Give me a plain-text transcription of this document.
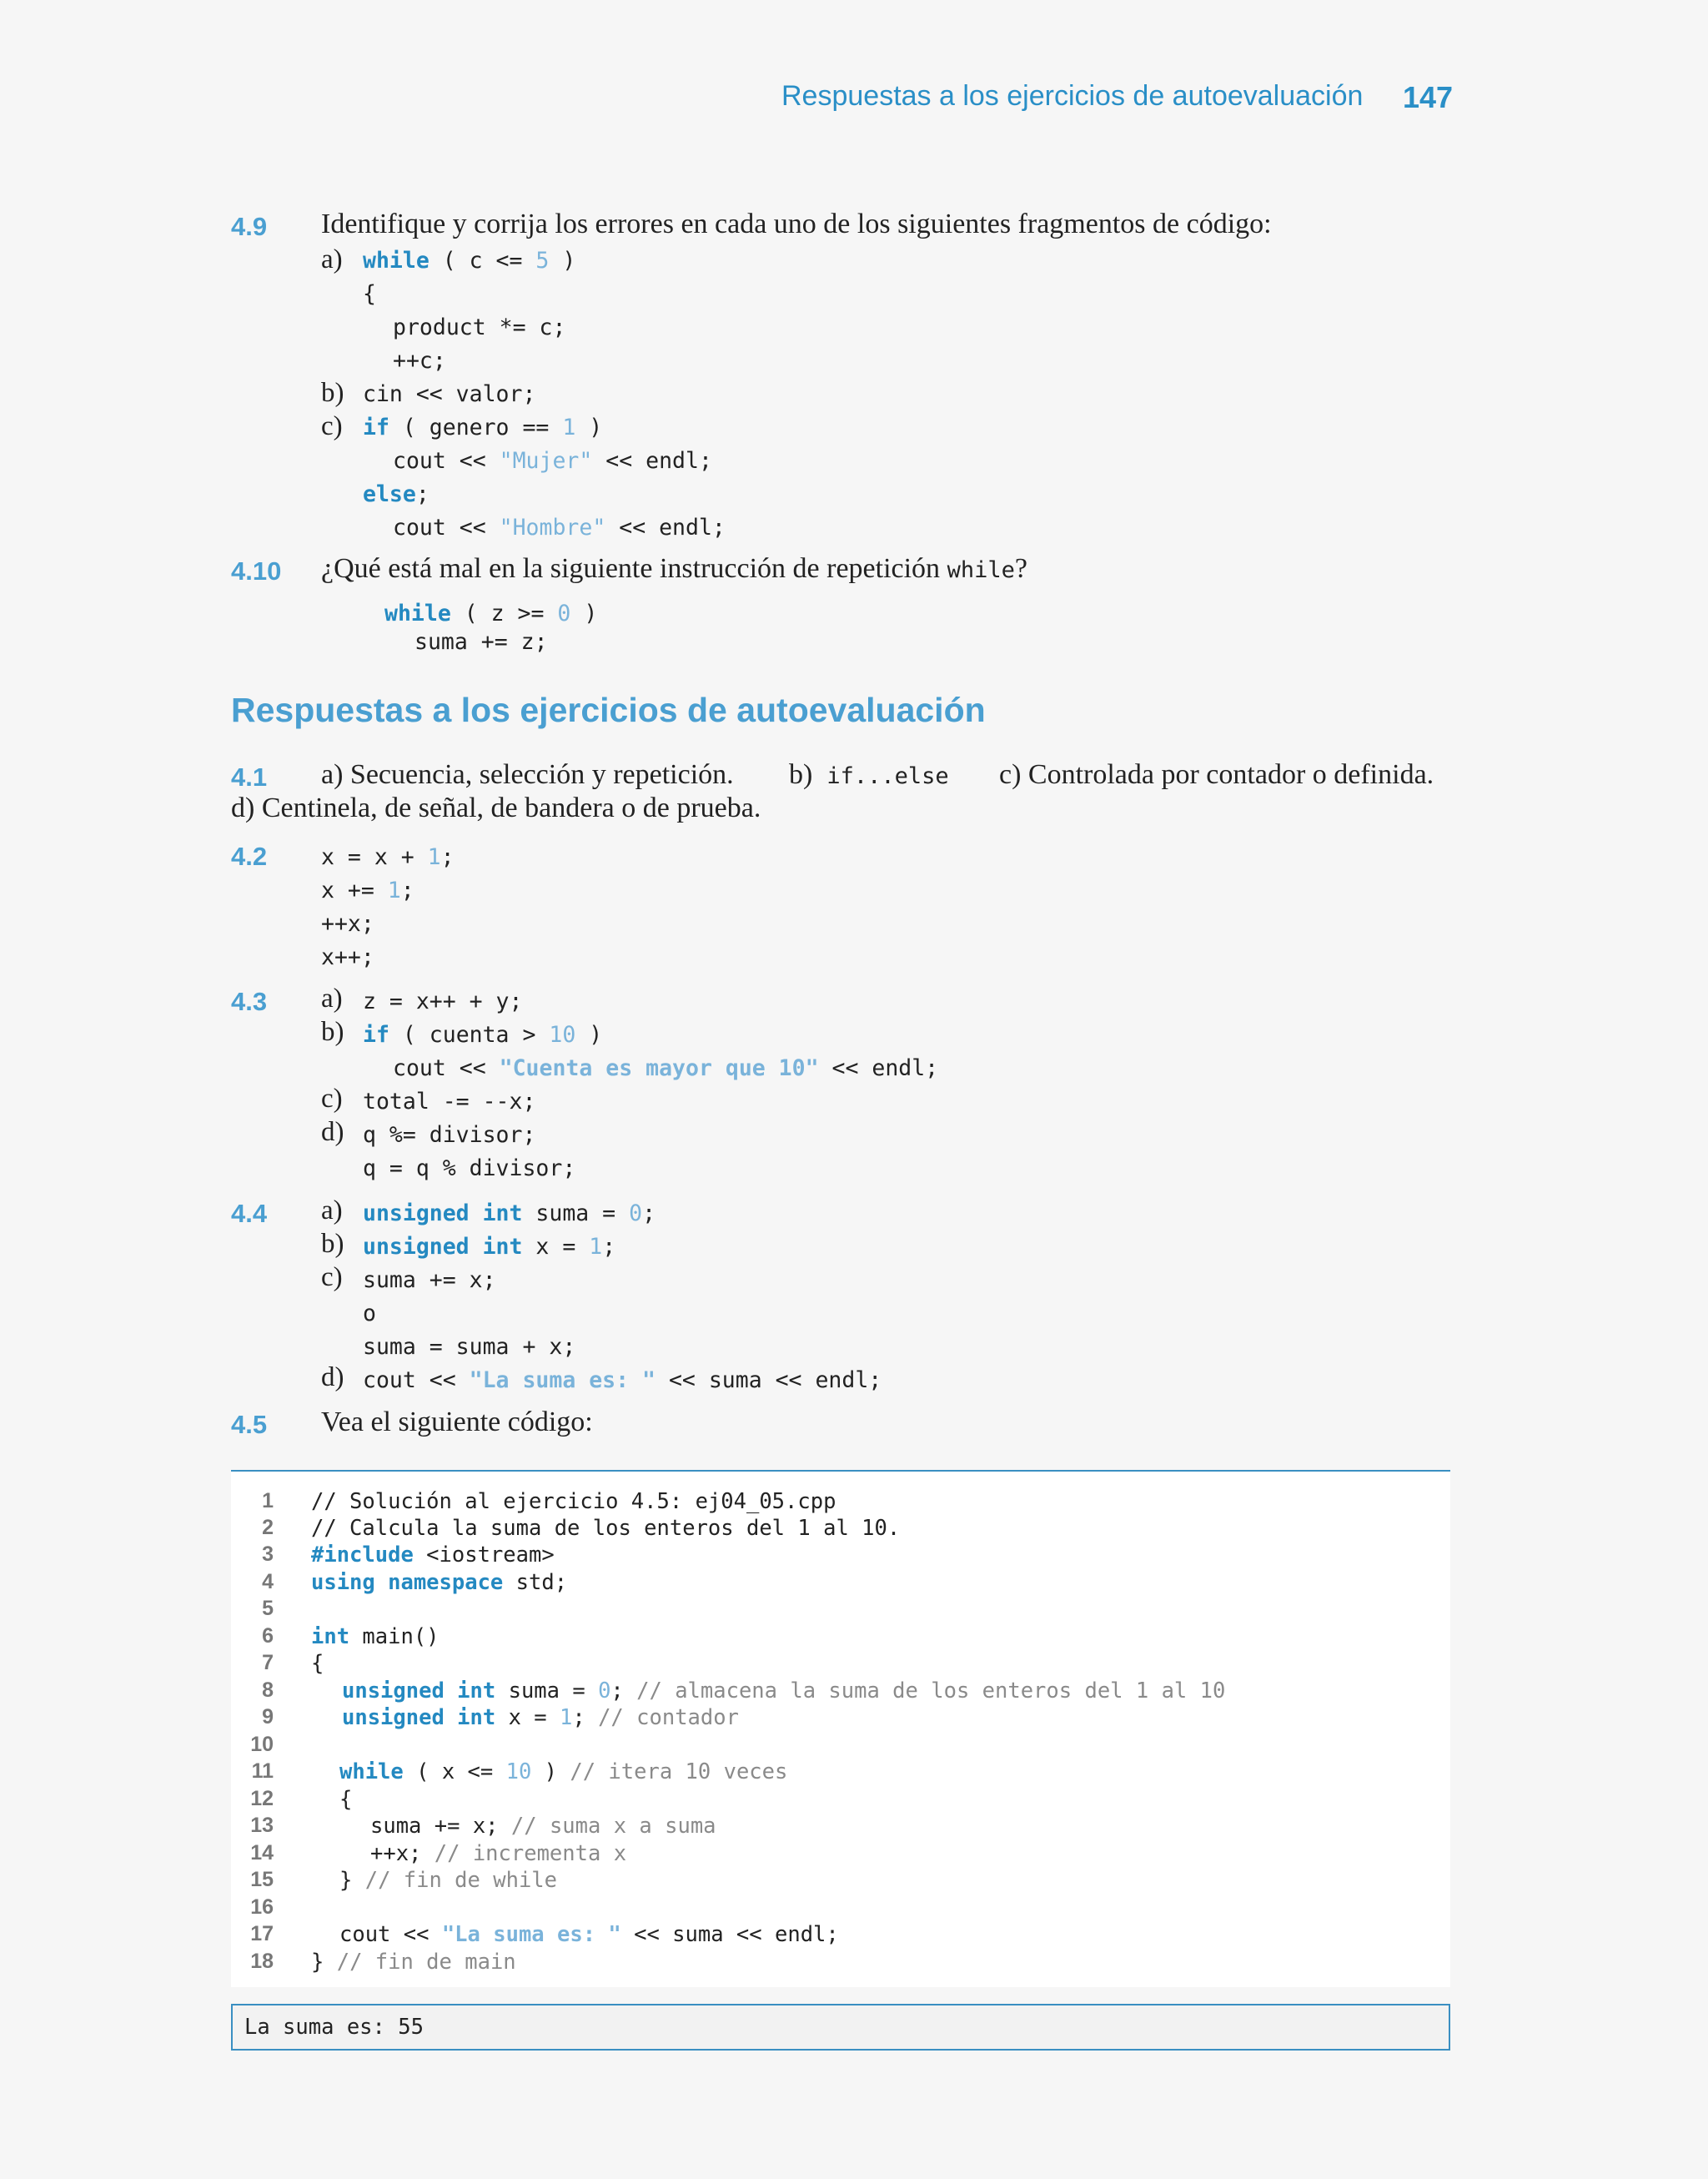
Respuestas a los ejercicios de autoevaluación 147
4.9 Identifique y corrija los errores en cada uno de los siguientes fragmentos de código:
a) while ( c <= 5 )
{
product *= c;
++c;
b) cin << valor;
c) if ( genero == 1 )
cout << "Mujer" << endl;
else;
cout << "Hombre" << endl;
4.10 ¿Qué está mal en la siguiente instrucción de repetición while?
while ( z >= 0 )
suma += z;
Respuestas a los ejercicios de autoevaluación
4.1 a) Secuencia, selección y repetición. b) if...else c) Controlada por contador o definida.
d) Centinela, de señal, de bandera o de prueba.
4.2 x = x + 1;
x += 1;
++x;
x++;
4.3 a) z = x++ + y;
b) if ( cuenta > 10 )
cout << "Cuenta es mayor que 10" << endl;
c) total -= --x;
d) q %= divisor;
q = q % divisor;
4.4 a) unsigned int suma = 0;
b) unsigned int x = 1;
c) suma += x;
o
suma = suma + x;
d) cout << "La suma es: " << suma << endl;
4.5 Vea el siguiente código:
1
2
3
4
5
6
7
8
9
10
11
12
13
14
15
16
17
18
// Solución al ejercicio 4.5: ej04_05.cpp
// Calcula la suma de los enteros del 1 al 10.
#include <iostream>
using namespace std;
int main()
{
unsigned int suma = 0; // almacena la suma de los enteros del 1 al 10
unsigned int x = 1; // contador
while ( x <= 10 ) // itera 10 veces
{
suma += x; // suma x a suma
++x; // incrementa x
} // fin de while
cout << "La suma es: " << suma << endl;
} // fin de main
La suma es: 55
